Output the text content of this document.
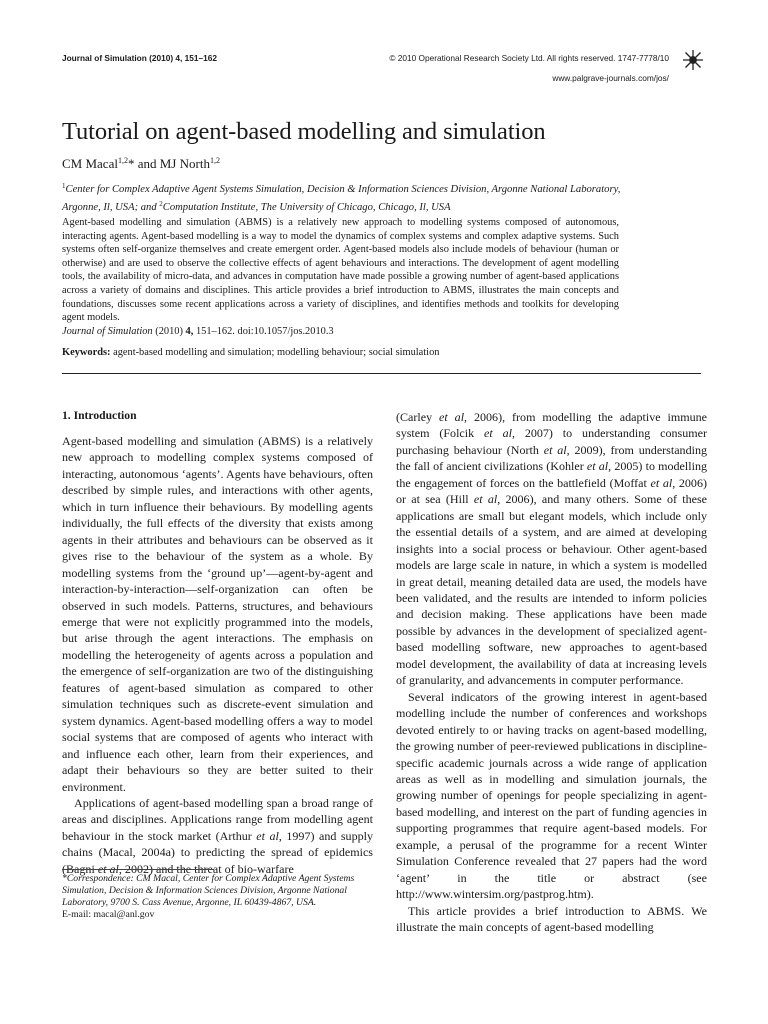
Journal of Simulation (2010) 4, 151–162	© 2010 Operational Research Society Ltd. All rights reserved. 1747-7778/10
www.palgrave-journals.com/jos/
Tutorial on agent-based modelling and simulation
CM Macal$^{1,2}$* and MJ North$^{1,2}$
$^1$Center for Complex Adaptive Agent Systems Simulation, Decision & Information Sciences Division, Argonne National Laboratory, Argonne, Il, USA; and $^2$Computation Institute, The University of Chicago, Chicago, Il, USA
Agent-based modelling and simulation (ABMS) is a relatively new approach to modelling systems composed of autonomous, interacting agents. Agent-based modelling is a way to model the dynamics of complex systems and complex adaptive systems. Such systems often self-organize themselves and create emergent order. Agent-based models also include models of behaviour (human or otherwise) and are used to observe the collective effects of agent behaviours and interactions. The development of agent modelling tools, the availability of micro-data, and advances in computation have made possible a growing number of agent-based applications across a variety of domains and disciplines. This article provides a brief introduction to ABMS, illustrates the main concepts and foundations, discusses some recent applications across a variety of disciplines, and identifies methods and toolkits for developing agent models.
Journal of Simulation (2010) 4, 151–162. doi:10.1057/jos.2010.3
Keywords: agent-based modelling and simulation; modelling behaviour; social simulation
1. Introduction

Agent-based modelling and simulation (ABMS) is a relatively new approach to modelling complex systems composed of interacting, autonomous ‘agents’. Agents have behaviours, often described by simple rules, and interactions with other agents, which in turn influence their behaviours. By modelling agents individually, the full effects of the diversity that exists among agents in their attributes and behaviours can be observed as it gives rise to the behaviour of the system as a whole. By modelling systems from the ‘ground up’—agent-by-agent and interaction-by-interaction—self-organization can often be observed in such models. Patterns, structures, and behaviours emerge that were not explicitly programmed into the models, but arise through the agent interactions. The emphasis on modelling the heterogeneity of agents across a population and the emergence of self-organization are two of the distinguishing features of agent-based simulation as compared to other simulation techniques such as discrete-event simulation and system dynamics. Agent-based modelling offers a way to model social systems that are composed of agents who interact with and influence each other, learn from their experiences, and adapt their behaviours so they are better suited to their environment.

Applications of agent-based modelling span a broad range of areas and disciplines. Applications range from modelling agent behaviour in the stock market (Arthur et al, 1997) and supply chains (Macal, 2004a) to predicting the spread of epidemics (Bagni et al, 2002) and the threat of bio-warfare

(Carley et al, 2006), from modelling the adaptive immune system (Folcik et al, 2007) to understanding consumer purchasing behaviour (North et al, 2009), from understanding the fall of ancient civilizations (Kohler et al, 2005) to modelling the engagement of forces on the battlefield (Moffat et al, 2006) or at sea (Hill et al, 2006), and many others. Some of these applications are small but elegant models, which include only the essential details of a system, and are aimed at developing insights into a social process or behaviour. Other agent-based models are large scale in nature, in which a system is modelled in great detail, meaning detailed data are used, the models have been validated, and the results are intended to inform policies and decision making. These applications have been made possible by advances in the development of specialized agent-based modelling software, new approaches to agent-based model development, the availability of data at increasing levels of granularity, and advancements in computer performance.

Several indicators of the growing interest in agent-based modelling include the number of conferences and workshops devoted entirely to or having tracks on agent-based modelling, the growing number of peer-reviewed publications in discipline-specific academic journals across a wide range of application areas as well as in modelling and simulation journals, the growing number of openings for people specializing in agent-based modelling, and interest on the part of funding agencies in supporting programmes that require agent-based models. For example, a perusal of the programme for a recent Winter Simulation Conference revealed that 27 papers had the word ‘agent’ in the title or abstract (see http://www.wintersim.org/pastprog.htm).

This article provides a brief introduction to ABMS. We illustrate the main concepts of agent-based modelling

*Correspondence: CM Macal, Center for Complex Adaptive Agent Systems Simulation, Decision & Information Sciences Division, Argonne National Laboratory, 9700 S. Cass Avenue, Argonne, IL 60439-4867, USA.
E-mail: macal@anl.gov
